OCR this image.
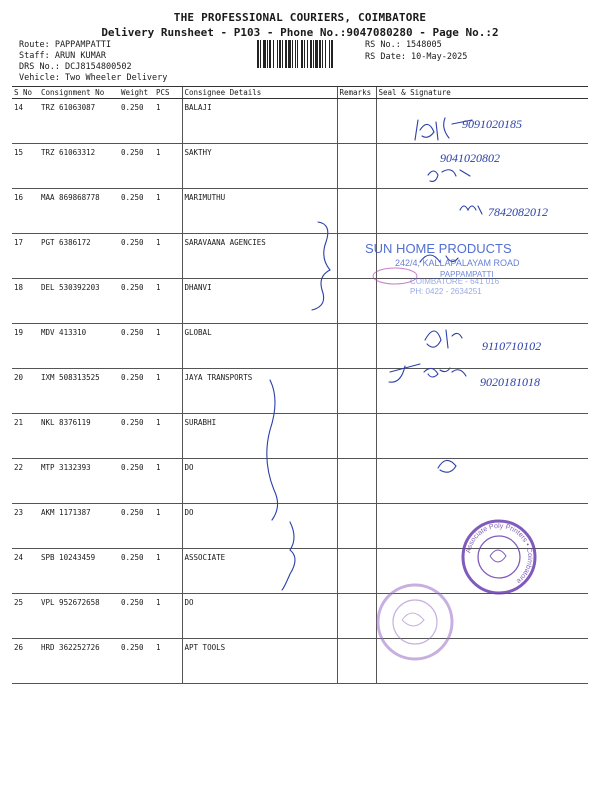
THE PROFESSIONAL COURIERS, COIMBATORE
Delivery Runsheet - P103 - Phone No.:9047080280 - Page No.:2
Route: PAPPAMPATTI
Staff: ARUN KUMAR
DRS No.: DCJ8154800502
Vehicle: Two Wheeler Delivery
RS No.: 1548005
RS Date: 10-May-2025
S No	Consignment No	Weight	PCS	Consignee Details	Remarks	Seal & Signature
14	TRZ 61063087	0.250	1	BALAJI		
15	TRZ 61063312	0.250	1	SAKTHY		
16	MAA 869868778	0.250	1	MARIMUTHU		
17	PGT 6386172	0.250	1	SARAVAANA AGENCIES		
18	DEL 530392203	0.250	1	DHANVI		
19	MDV 413310	0.250	1	GLOBAL		
20	IXM 508313525	0.250	1	JAYA TRANSPORTS		
21	NKL 8376119	0.250	1	SURABHI		
22	MTP 3132393	0.250	1	DO		
23	AKM 1171387	0.250	1	DO		
24	SPB 10243459	0.250	1	ASSOCIATE		
25	VPL 952672658	0.250	1	DO		
26	HRD 362252726	0.250	1	APT TOOLS		
9091020185
9041020802
7842082012
9110710102
9020181018
SUN HOME PRODUCTS
242/4, KALLAPALAYAM ROAD
PAPPAMPATTI
COIMBATORE - 641 016
PH: 0422 - 2634251
Associate Poly Printers • Coimbatore
